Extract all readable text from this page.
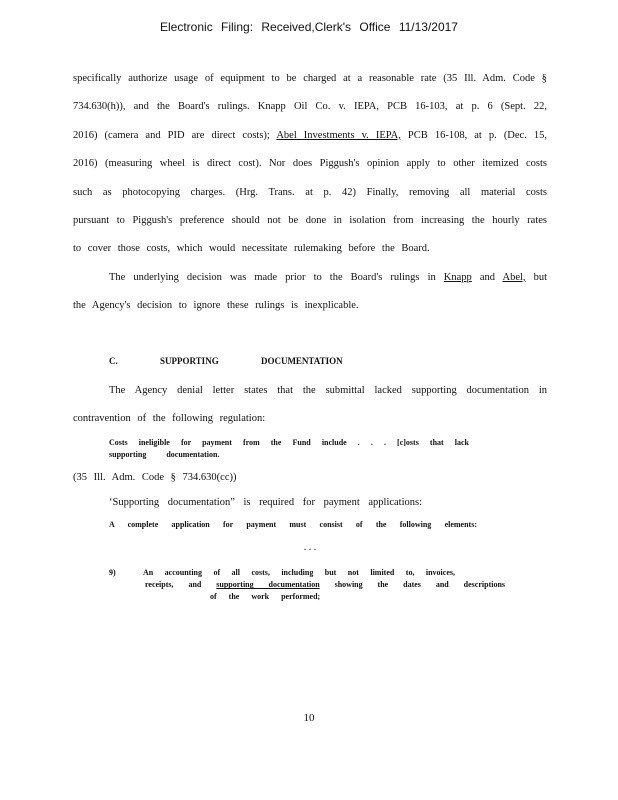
Electronic Filing: Received,Clerk's Office 11/13/2017
specifically authorize usage of equipment to be charged at a reasonable rate (35 Ill. Adm. Code §
734.630(h)), and the Board's rulings. Knapp Oil Co. v. IEPA, PCB 16-103, at p. 6 (Sept. 22,
2016) (camera and PID are direct costs); Abel Investments v. IEPA, PCB 16-108, at p. (Dec. 15,
2016) (measuring wheel is direct cost). Nor does Piggush's opinion apply to other itemized costs
such as photocopying charges. (Hrg. Trans. at p. 42) Finally, removing all material costs
pursuant to Piggush's preference should not be done in isolation from increasing the hourly rates
to cover those costs, which would necessitate rulemaking before the Board.
The underlying decision was made prior to the Board's rulings in Knapp and Abel, but
the Agency's decision to ignore these rulings is inexplicable.
C.	SUPPORTING DOCUMENTATION
The Agency denial letter states that the submittal lacked supporting documentation in
contravention of the following regulation:
Costs ineligible for payment from the Fund include . . . [c]osts that lack
supporting documentation.
(35 Ill. Adm. Code § 734.630(cc))
‘Supporting documentation” is required for payment applications:
A complete application for payment must consist of the following elements:
. . .
9)	An accounting of all costs, including but not limited to, invoices,
receipts, and supporting documentation showing the dates and descriptions
of the work performed;
10
